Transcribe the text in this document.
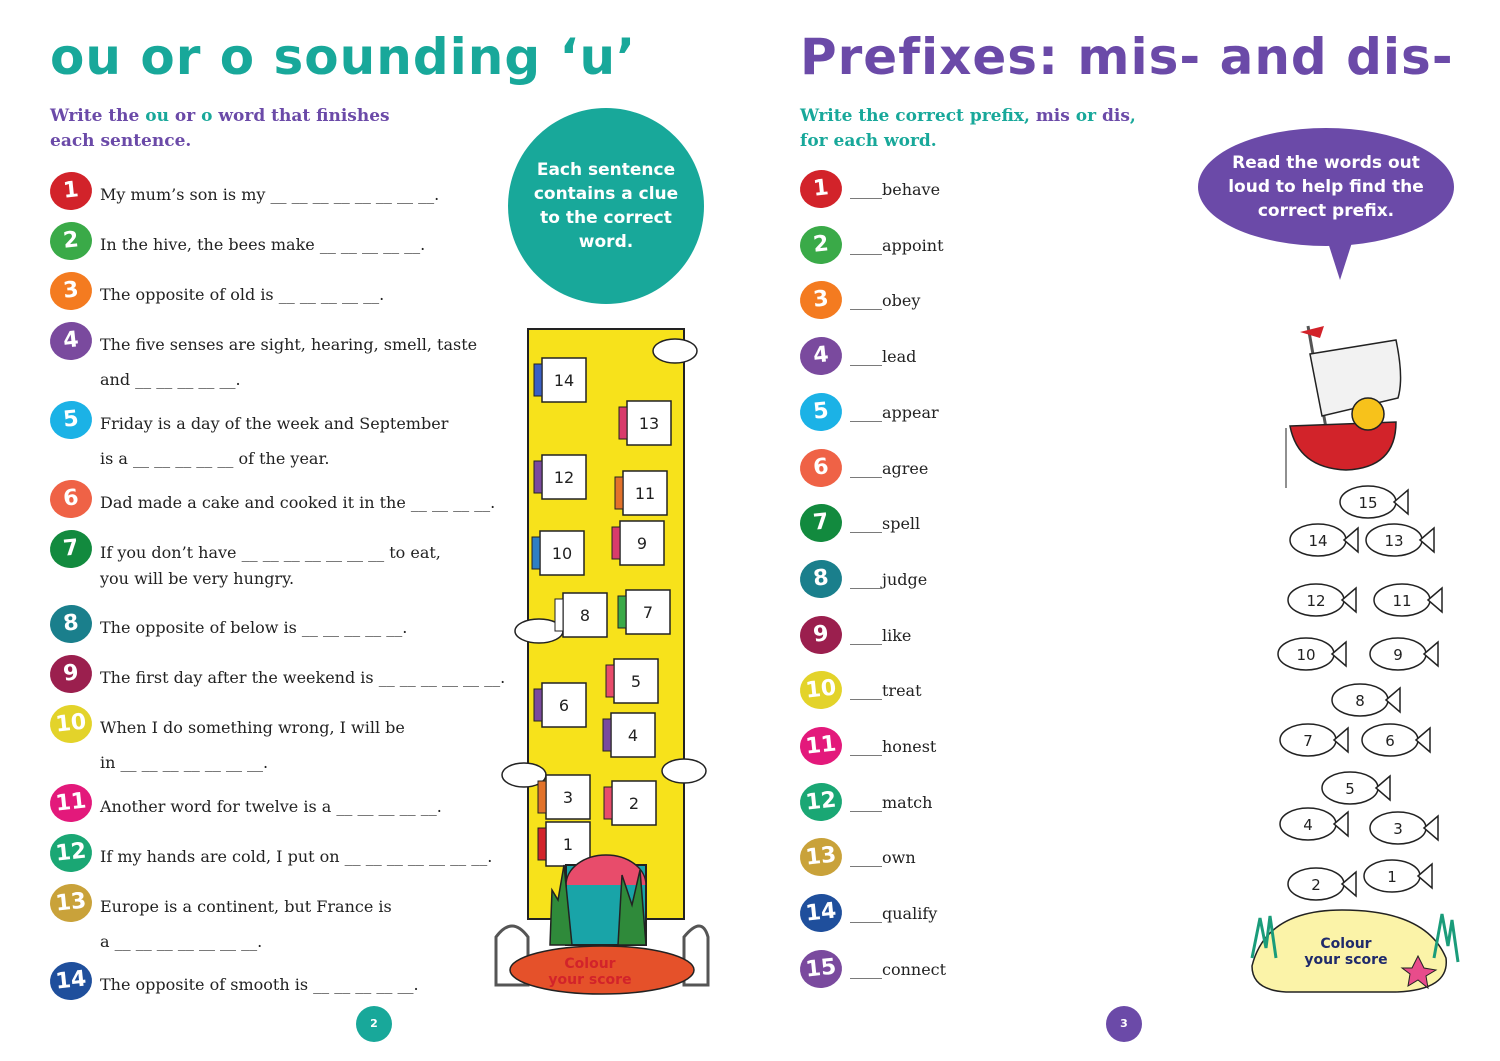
ou or o sounding ‘u’

Write the ou or o word that finishes each sentence.

1	My mum’s son is my __ __ __ __ __ __ __ __.
2	In the hive, the bees make __ __ __ __ __.
3	The opposite of old is __ __ __ __ __.
4	The five senses are sight, hearing, smell, taste
and __ __ __ __ __.
5	Friday is a day of the week and September
is a __ __ __ __ __ of the year.
6	Dad made a cake and cooked it in the __ __ __ __.
7	If you don’t have __ __ __ __ __ __ __ to eat,
you will be very hungry.
8	The opposite of below is __ __ __ __ __.
9	The first day after the weekend is __ __ __ __ __ __.
10 When I do something wrong, I will be
in __ __ __ __ __ __ __.
11 Another word for twelve is a __ __ __ __ __.
12 If my hands are cold, I put on __ __ __ __ __ __ __.
13 Europe is a continent, but France is
a __ __ __ __ __ __ __.
14 The opposite of smooth is __ __ __ __ __.
Each sentence contains a clue to the correct word.
14
13
12
11
10
9
8	7
6
5
4
3	2
1
Colour
your score
2
Prefixes: mis- and dis-

Write the correct prefix, mis or dis, for each word.

1	____behave
2	____appoint
3	____obey
4	____lead
5	____appear
6	____agree
7	____spell
8	____judge
9	____like
10 ____treat
11 ____honest
12 ____match
13 ____own
14 ____qualify
15 ____connect
Read the words out loud to help find the correct prefix.
15
14	13
12	11
10	9
8
7	6
5
4	3
2	1
Colour
your score
3
